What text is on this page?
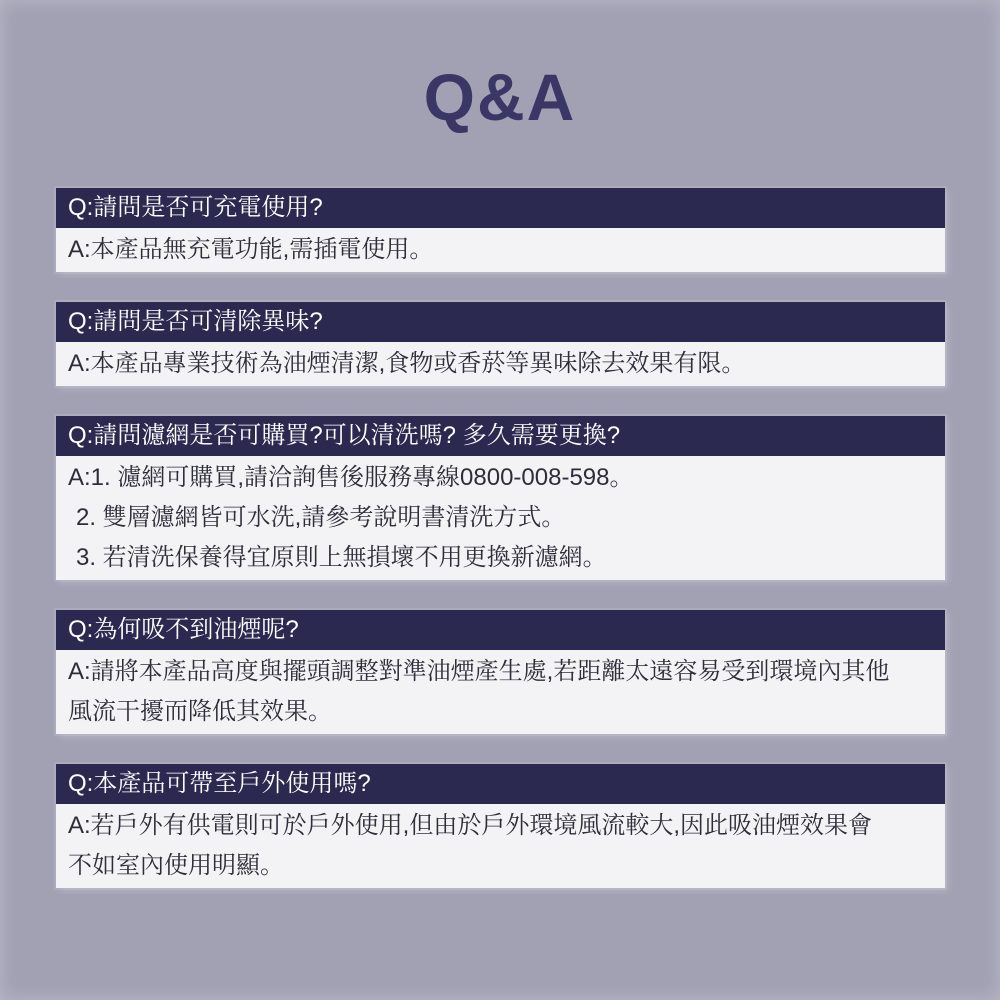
Q&A
Q:請問是否可充電使用?
A:本產品無充電功能,需插電使用。
Q:請問是否可清除異味?
A:本產品專業技術為油煙清潔,食物或香菸等異味除去效果有限。
Q:請問濾網是否可購買?可以清洗嗎? 多久需要更換?
A:1. 濾網可購買,請洽詢售後服務專線0800-008-598。
2. 雙層濾網皆可水洗,請參考說明書清洗方式。
3. 若清洗保養得宜原則上無損壞不用更換新濾網。
Q:為何吸不到油煙呢?
A:請將本產品高度與擺頭調整對準油煙產生處,若距離太遠容易受到環境內其他
風流干擾而降低其效果。
Q:本產品可帶至戶外使用嗎?
A:若戶外有供電則可於戶外使用,但由於戶外環境風流較大,因此吸油煙效果會
不如室內使用明顯。
